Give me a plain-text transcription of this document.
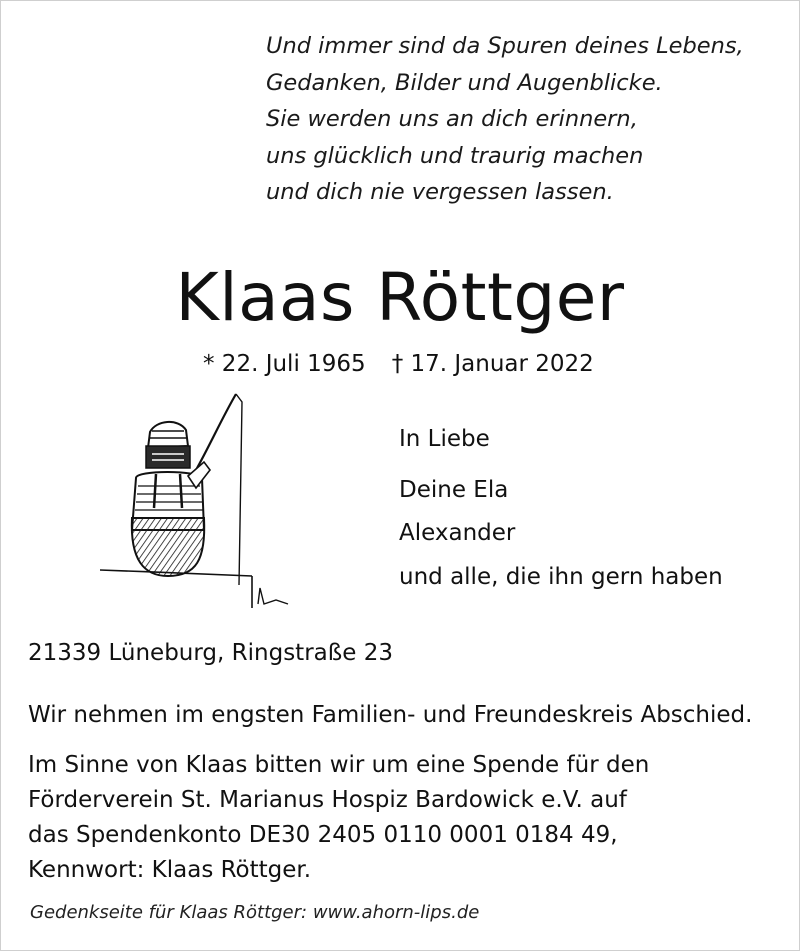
Und immer sind da Spuren deines Lebens,
Gedanken, Bilder und Augenblicke.
Sie werden uns an dich erinnern,
uns glücklich und traurig machen
und dich nie vergessen lassen.
Klaas Röttger
* 22. Juli 1965 † 17. Januar 2022
In Liebe
Deine Ela
Alexander
und alle, die ihn gern haben
21339 Lüneburg, Ringstraße 23
Wir nehmen im engsten Familien- und Freundeskreis Abschied.
Im Sinne von Klaas bitten wir um eine Spende für den
Förderverein St. Marianus Hospiz Bardowick e.V. auf
das Spendenkonto DE30 2405 0110 0001 0184 49,
Kennwort: Klaas Röttger.
Gedenkseite für Klaas Röttger: www.ahorn-lips.de
